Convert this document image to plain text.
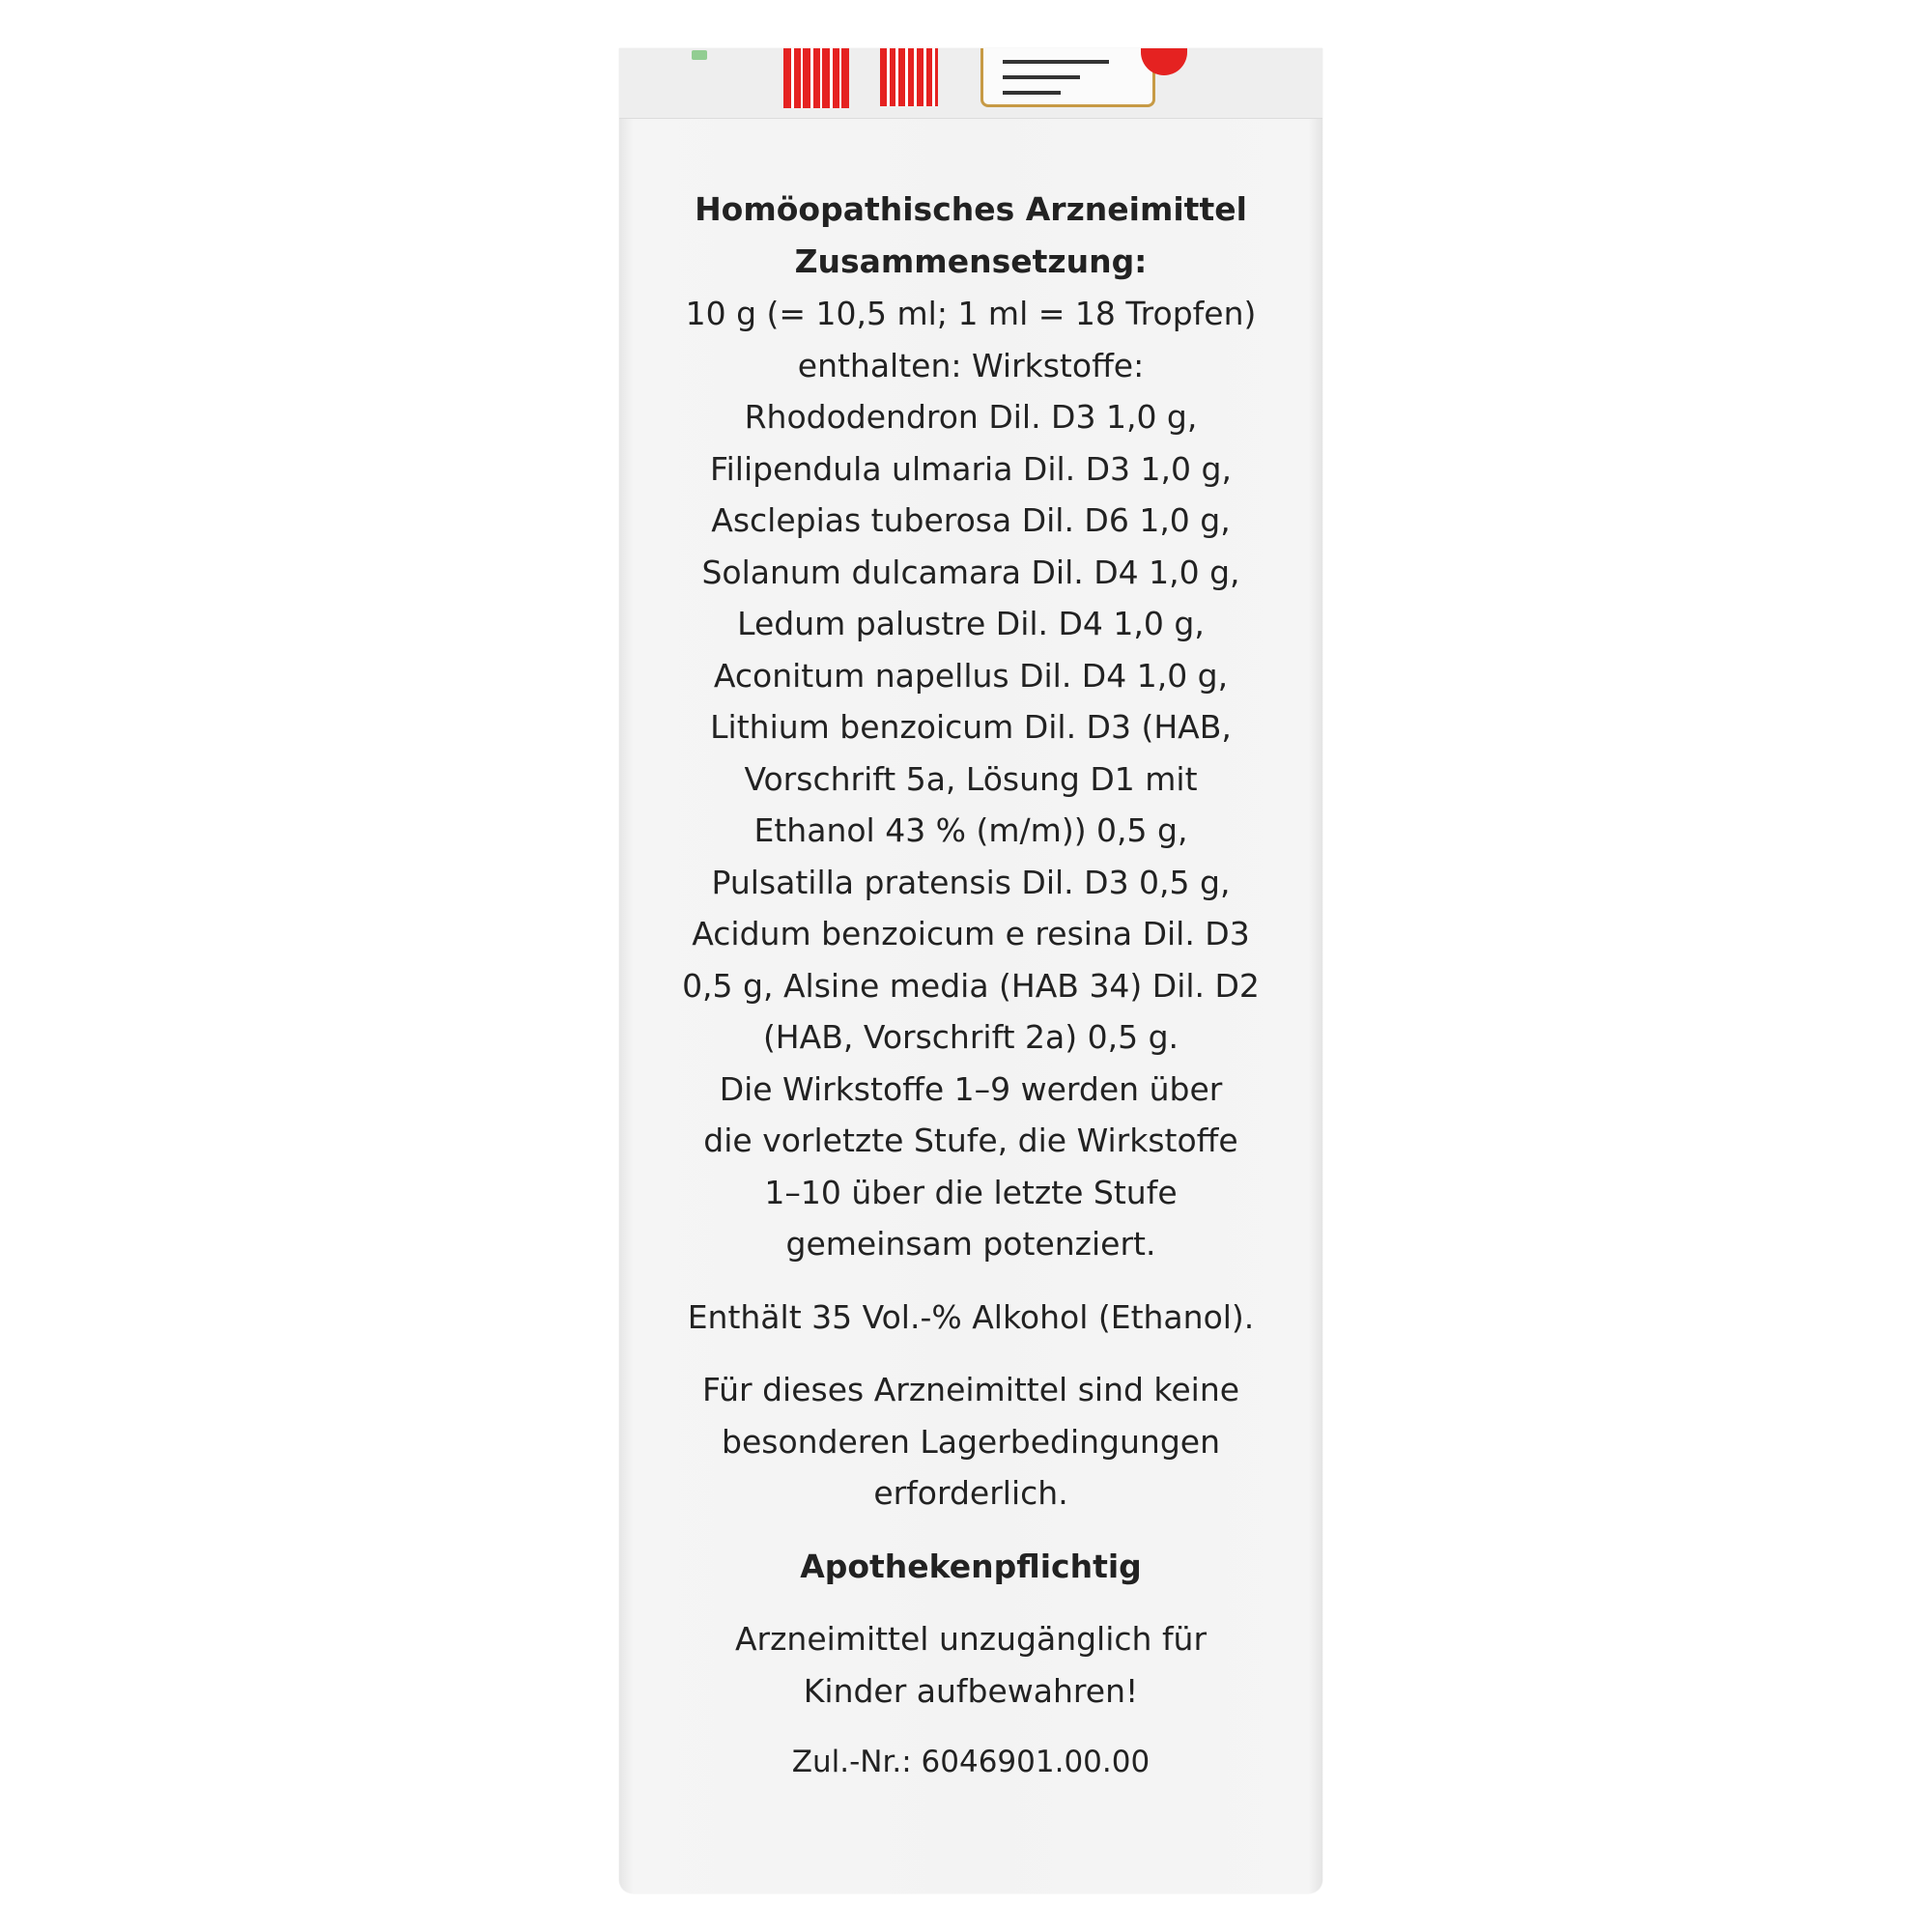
Homöopathisches Arzneimittel

Zusammensetzung:

10 g (= 10,5 ml; 1 ml = 18 Tropfen)

enthalten: Wirkstoffe:

Rhododendron Dil. D3 1,0 g,

Filipendula ulmaria Dil. D3 1,0 g,

Asclepias tuberosa Dil. D6 1,0 g,

Solanum dulcamara Dil. D4 1,0 g,

Ledum palustre Dil. D4 1,0 g,

Aconitum napellus Dil. D4 1,0 g,

Lithium benzoicum Dil. D3 (HAB,

Vorschrift 5a, Lösung D1 mit

Ethanol 43 % (m/m)) 0,5 g,

Pulsatilla pratensis Dil. D3 0,5 g,

Acidum benzoicum e resina Dil. D3

0,5 g, Alsine media (HAB 34) Dil. D2

(HAB, Vorschrift 2a) 0,5 g.

Die Wirkstoffe 1–9 werden über

die vorletzte Stufe, die Wirkstoffe

1–10 über die letzte Stufe

gemeinsam potenziert.

Enthält 35 Vol.-% Alkohol (Ethanol).

Für dieses Arzneimittel sind keine

besonderen Lagerbedingungen

erforderlich.

Apothekenpflichtig

Arzneimittel unzugänglich für

Kinder aufbewahren!

Zul.-Nr.: 6046901.00.00
